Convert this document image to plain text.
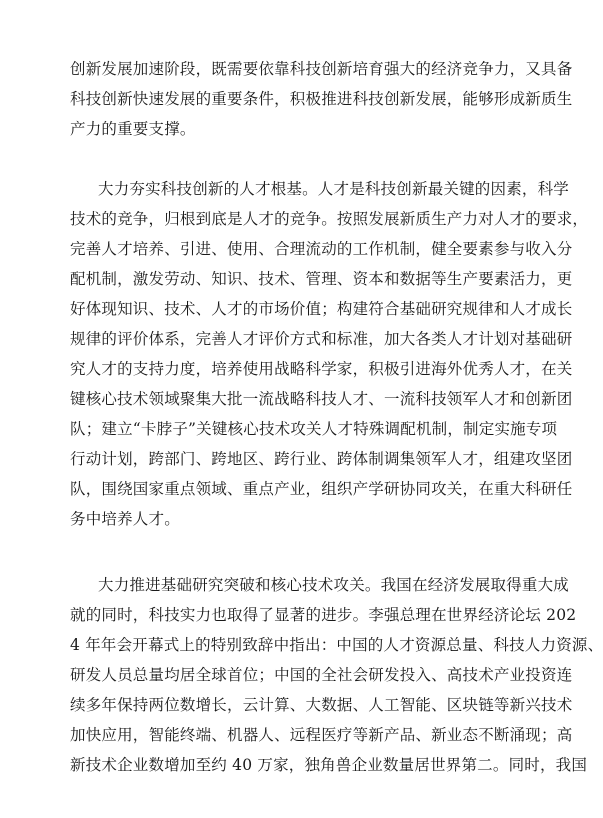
创新发展加速阶段，既需要依靠科技创新培育强大的经济竞争力，又具备
科技创新快速发展的重要条件，积极推进科技创新发展，能够形成新质生
产力的重要支撑。
大力夯实科技创新的人才根基。人才是科技创新最关键的因素，科学
技术的竞争，归根到底是人才的竞争。按照发展新质生产力对人才的要求，
完善人才培养、引进、使用、合理流动的工作机制，健全要素参与收入分
配机制，激发劳动、知识、技术、管理、资本和数据等生产要素活力，更
好体现知识、技术、人才的市场价值；构建符合基础研究规律和人才成长
规律的评价体系，完善人才评价方式和标准，加大各类人才计划对基础研
究人才的支持力度，培养使用战略科学家，积极引进海外优秀人才，在关
键核心技术领域聚集大批一流战略科技人才、一流科技领军人才和创新团
队；建立“卡脖子”关键核心技术攻关人才特殊调配机制，制定实施专项
行动计划，跨部门、跨地区、跨行业、跨体制调集领军人才，组建攻坚团
队，围绕国家重点领域、重点产业，组织产学研协同攻关，在重大科研任
务中培养人才。
大力推进基础研究突破和核心技术攻关。我国在经济发展取得重大成
就的同时，科技实力也取得了显著的进步。李强总理在世界经济论坛 202
4 年年会开幕式上的特别致辞中指出：中国的人才资源总量、科技人力资源、
研发人员总量均居全球首位；中国的全社会研发投入、高技术产业投资连
续多年保持两位数增长，云计算、大数据、人工智能、区块链等新兴技术
加快应用，智能终端、机器人、远程医疗等新产品、新业态不断涌现；高
新技术企业数增加至约 40 万家，独角兽企业数量居世界第二。同时，我国
